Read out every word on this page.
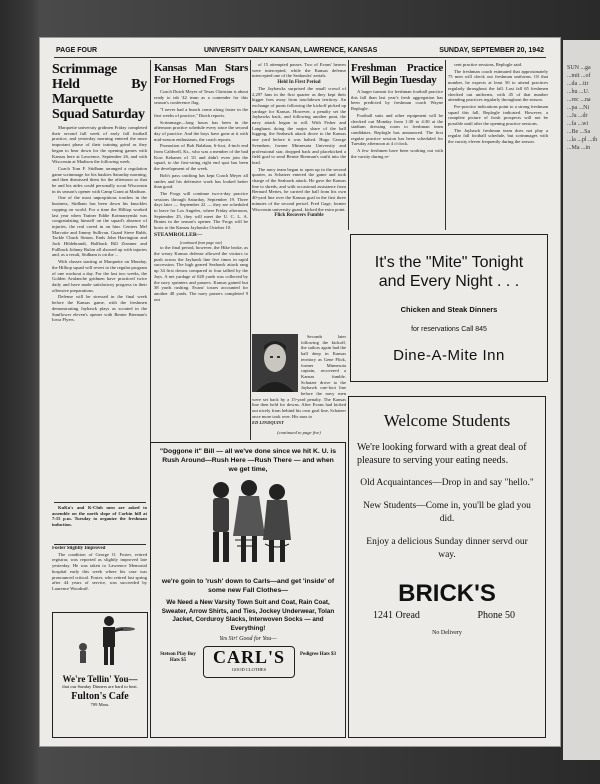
SUN ...ga ...mit ...of ...da ...tir ...hu ...U. ...rec ...na ...pa ...Ni ...Ja ...dr ...fa ...wi ...Be ...Sa ...la ...pl ...th ...Ma ...in
PAGE FOUR	UNIVERSITY DAILY KANSAN, LAWRENCE, KANSAS	SUNDAY, SEPTEMBER 20, 1942
Scrimmage Held By Marquette Squad Saturday

Marquette university gridmen Friday completed their second full week of early fall football practice, and yesterday morning entered the more important phase of their training grind as they began to bear down for the opening games with Kansas here at Lawrence, September 26, and with Wisconsin at Madison the following week.

Coach Tom F. Stidham arranged a regulation game scrimmage for his huskies Saturday morning, and then dismissed them for the afternoon so that he and his aides could personally scout Wisconsin in its season's opener with Camp Grant at Madison.

One of the most unpropitious touches in the business, Stidham has been down his knuckles copping on world. For a time the Hilltop worked last year when Trainer Eddie Kotmarzynski was congratulating himself on the squad's absence of injuries, the real caved in on him. Centers Mel Marcotte and Jimmy Sullivan, Guard Steve Rubb, Tackle Chuck Simon, Ends John Harrington and Jack Hildebrandt, Halfback Bill Zinsmer and Fullback Johnny Rulon all showed up with injuries and, as a result, Stidham is on the ...

With classes starting at Marquette on Monday, the Hilltop squad will revert to the regular program of one workout a day. For the last two weeks, the Golden Avalanche gridmen have practiced twice daily and have made satisfactory progress in their offensive preparations.

Defense will be stressed in the final week before the Kansas game, with the freshmen demonstrating Jayhawk plays as scouted in the Sunflower eleven's opener with Bernie Bierman's Iowa Flyers.

KuKu's and K-Club men are asked to assemble on the north slope of Corbin hill at 7:15 p.m. Tuesday to organize the freshman induction.

Foster Slightly Improved

The condition of George O. Foster, retired registrar, was reported as slightly improved late yesterday. He was taken to Lawrence Memorial hospital early this week where his case was pronounced critical. Foster, who retired last spring after 44 years of service, was succeeded by Laurence Woodruff.

We're Tellin' You—
that our Sunday Dinners are hard to beat.
Fulton's Cafe
709 Mass.
Kansas Man Stars For Horned Frogs

Coach Dutch Meyer of Texas Christian is about ready to tab '42 team as a contender for this season's conference flag.

"I never had a bunch come along faster in the first weeks of practice," Dutch reports.

Scrimmage—long hours has been in the afternoon practice schedule every since the second day of practice. And the boys have gone at it with mid-season enthusiasm, the coach reports.

Promotion of Bob Balaban, 6-foot, 4-inch end from Caldwell, Ks., who was a member of the bad Kow Kekanes of '41 and didn't even join the squad, to the first-string right end spot has been the development of the week.

Bob's pass catching has kept Coach Meyer all smiles and his defensive work has looked better than good.

The Frogs will continue two-a-day practice sessions through Saturday, September 19. Three days later — September 22 — they are scheduled to leave for Los Angeles, where Friday afternoon, September 25, they will meet the U. C. L. A. Bruins in the season's opener. The Frogs will be hosts to the Kansas Jayhawks October 10.

STEAMROLLER—
(continued from page one)

to the final period, however, the Hike broke, as the weary Kansas defense allowed the visitors to push across the Jayhawk line five times in rapid succession. The high geared Seahawk attack rang up 34 first downs compared to four tallied by the Jays. A net yardage of 628 yards was collected by the navy sprinters and passers. Kansas gained but 38 yards rushing. Evans' tosses accounted for another 48 yards. The navy passers completed 9 out

of 15 attempted passes. Two of Evans' heaves were intercepted, while the Kansas defense intercepted one of the Seahawks' aerials.

Held In First Period

The Jayhawks surprised the small crowd of 2,297 fans in the first quarter as they kept their bigger foes away from touchdown territory. An exchange of punts following the kickoff picked up yardage for Kansas. However, a penalty set the Jayhawks back, and following another punt, the navy attack began to roll. With Fisher and Langhurst doing the major share of the ball lugging, the Seahawk attack drove to the Kansas one yard before it was halted. Hugo George Svendsen, former Minnesota University and professional star, dropped back and placekicked a field goal to send Bernie Bierman's outfit into the lead.

The navy team began to open up in the second quarter, as Schatzer entered the game and took charge of the Seahawk attack. He gave the Kansas line to shreds, and with occasional assistance from Bernard Mertes, he carried the ball from his own 40-yard line over the Kansas goal in the first three minutes of the second period. Fred Gage, former Wisconsin university guard, kicked the extra point.

Flick Recovers Fumble

Seconds later following the kickoff, the sailors again had the ball deep in Kansas territory as Gene Flick, former Minnesota captain, recovered a Kansas fumble. Schatzer drove to the Jayhawk one-foot line before the navy men were set back by a 15-yard penalty. The Kansas line then held for downs. After Evans had kicked out nicely from behind his own goal line, Schatzer once more took over. His pass to

ED LINDQUIST
(continued to page five)
Freshman Practice Will Begin Tuesday

A larger turnout for freshman football practice this fall than last year's fresh aggregation has been predicted by freshman coach Wayne Replogle.

Football suits and other equipment will be checked out Monday from 1:30 to 4:30 at the stadium dressing room to freshman team candidates, Replogle has announced. The first regular practice session has been scheduled for Tuesday afternoon at 4 o'clock.

A few freshmen have been working out with the varsity during re-

cent practice sessions, Replogle said.

The freshman coach estimated that approximately 75 men will check out freshman uniforms. Of that number, he expects at least 50 to attend practices regularly throughout the fall. Last fall 65 freshmen checked out uniforms, with 45 of that number attending practices regularly throughout the season.

Pre-practice indications point to a strong freshman squad this fall, Replogle indicated. However, a complete picture of frosh prospects will not be possible until after the opening practice sessions.

The Jayhawk freshman team does not play a regular fall football schedule, but scrimmages with the varsity eleven frequently during the season.

It's the "Mite" Tonight
and Every Night . . .
Chicken and Steak Dinners
for reservations Call 845
Dine-A-Mite Inn
Welcome Students
We're looking forward with a great deal of pleasure to serving your eating needs.
Old Acquaintances—Drop in and say "hello."
New Students—Come in, you'll be glad you did.
Enjoy a delicious Sunday dinner servd our way.
BRICK'S
1241 Oread	Phone 50
No Delivery
"Doggone it" Bill — all we've done since we hit K. U. is Rush Around—Rush Here —Rush There — and when we get time,
we're goin to 'rush' down to Carls—and get 'inside' of some new Fall Clothes—
We Need a New Varsity Town Suit and Coat, Rain Coat, Sweater, Arrow Shirts, and Ties, Jockey Underwear, Tolan Jacket, Corduroy Slacks, Interwoven Socks — and Everything!
Yes Sir! Good for You—
Stetson Play Boy Hats $5	CARL'S
GOOD CLOTHES
Pedigree Hats $3
